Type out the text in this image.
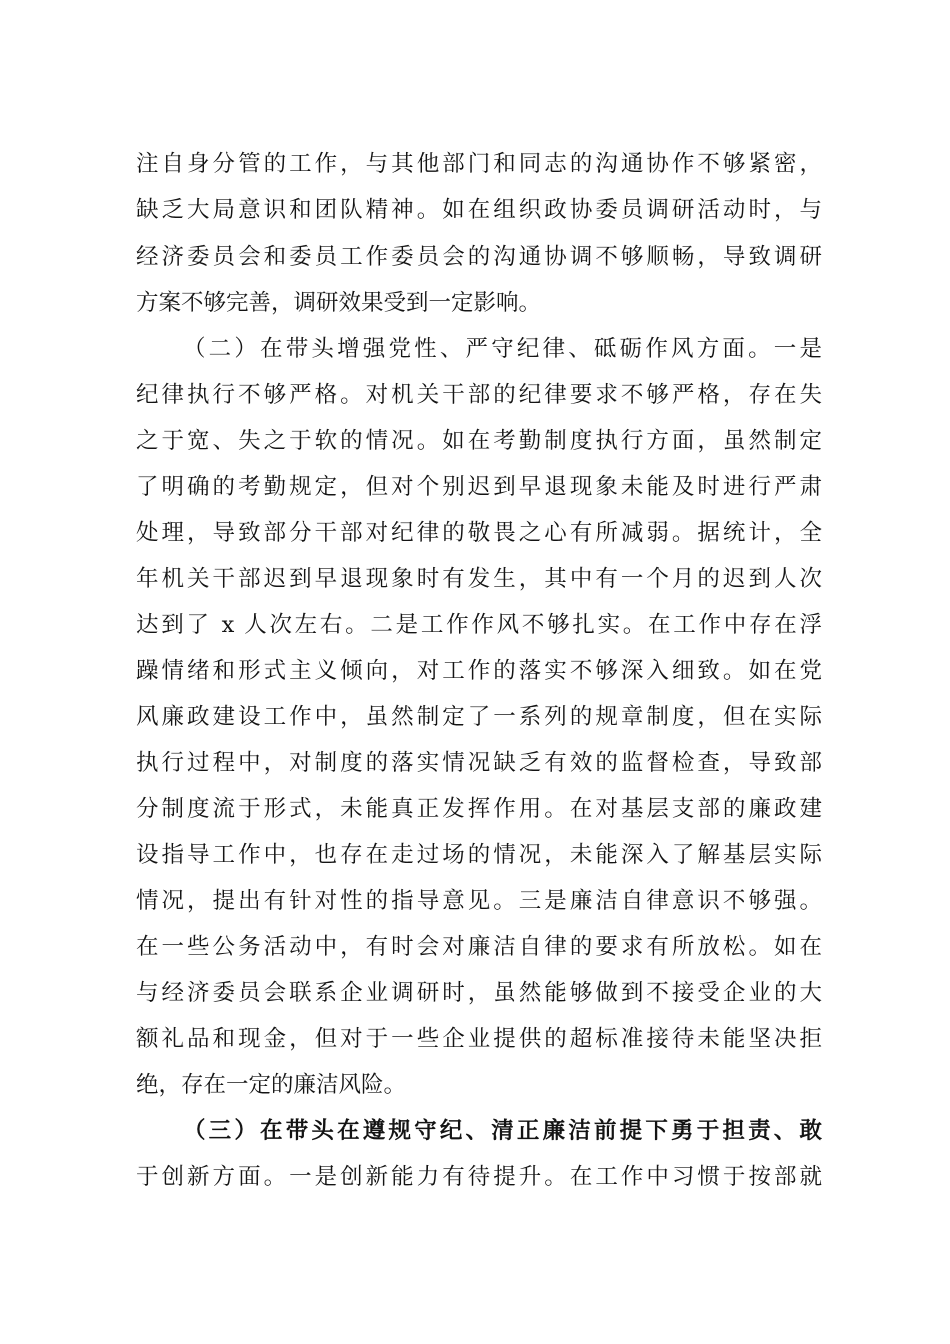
注自身分管的工作，与其他部门和同志的沟通协作不够紧密，
缺乏大局意识和团队精神。如在组织政协委员调研活动时，与
经济委员会和委员工作委员会的沟通协调不够顺畅，导致调研
方案不够完善，调研效果受到一定影响。
（二）在带头增强党性、严守纪律、砥砺作风方面。一是
纪律执行不够严格。对机关干部的纪律要求不够严格，存在失
之于宽、失之于软的情况。如在考勤制度执行方面，虽然制定
了明确的考勤规定，但对个别迟到早退现象未能及时进行严肃
处理，导致部分干部对纪律的敬畏之心有所减弱。据统计，全
年机关干部迟到早退现象时有发生，其中有一个月的迟到人次
达到了 x 人次左右。二是工作作风不够扎实。在工作中存在浮
躁情绪和形式主义倾向，对工作的落实不够深入细致。如在党
风廉政建设工作中，虽然制定了一系列的规章制度，但在实际
执行过程中，对制度的落实情况缺乏有效的监督检查，导致部
分制度流于形式，未能真正发挥作用。在对基层支部的廉政建
设指导工作中，也存在走过场的情况，未能深入了解基层实际
情况，提出有针对性的指导意见。三是廉洁自律意识不够强。
在一些公务活动中，有时会对廉洁自律的要求有所放松。如在
与经济委员会联系企业调研时，虽然能够做到不接受企业的大
额礼品和现金，但对于一些企业提供的超标准接待未能坚决拒
绝，存在一定的廉洁风险。
（三）在带头在遵规守纪、清正廉洁前提下勇于担责、敢
于创新方面。一是创新能力有待提升。在工作中习惯于按部就
